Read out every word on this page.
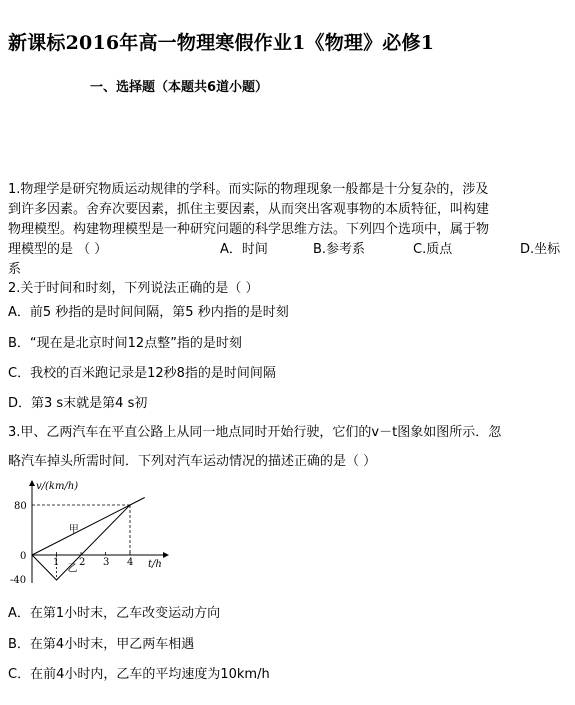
新课标2016年高一物理寒假作业1《物理》必修1
一、选择题（本题共6道小题）
1.物理学是研究物质运动规律的学科。而实际的物理现象一般都是十分复杂的，涉及
到许多因素。舍弃次要因素，抓住主要因素，从而突出客观事物的本质特征，叫构建
物理模型。构建物理模型是一种研究问题的科学思维方法。下列四个选项中，属于物
理模型的是 （ ）	A．时间	B.参考系	C.质点	D.坐标
系
2.关于时间和时刻，下列说法正确的是（ ）
A．前5 秒指的是时间间隔，第5 秒内指的是时刻
B．“现在是北京时间12点整”指的是时刻
C．我校的百米跑记录是12秒8指的是时间间隔
D．第3 s末就是第4 s初
3.甲、乙两汽车在平直公路上从同一地点同时开始行驶，它们的v－t图象如图所示．忽
略汽车掉头所需时间．下列对汽车运动情况的描述正确的是（ ）
v/(km/h)
t/h
80
0
-40
1 2 3 4
甲
乙
A．在第1小时末，乙车改变运动方向
B．在第4小时末，甲乙两车相遇
C．在前4小时内，乙车的平均速度为10km/h
